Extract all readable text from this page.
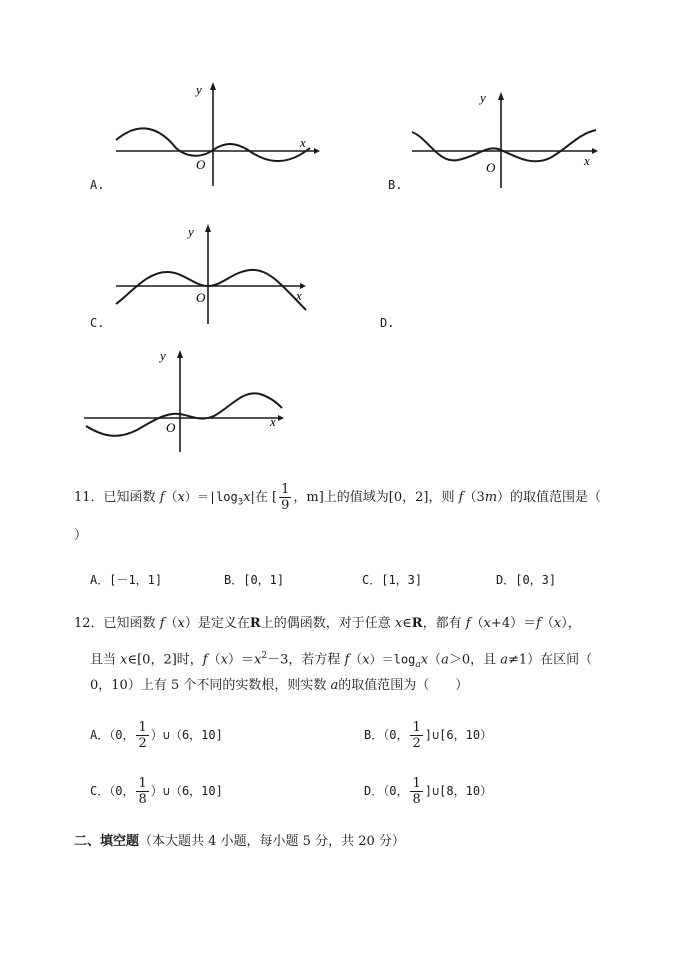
y
x
O
A.
y
x
O
B.
y
x
O
C.	D.
y
x
O
11．已知函数 $f(x)=|\log_3x|$在 [ $\frac{1}{9}$ ，m]上的值域为[0，2]，则 f（3m）的取值范围是（
）
A．[－1，1]	B．[0，1]	C．[1，3]	D．[0，3]
12．已知函数 f（x）是定义在R上的偶函数，对于任意 x∈R，都有 f（x+4）＝f（x），
且当 x∈[0，2]时，$f(x)=x^2-3$，若方程 $f(x)=\log_ax(a>0$，且 a≠1）在区间（
0，10）上有 5 个不同的实数根，则实数 a的取值范围为（　　）
A．（0， $\frac{1}{2}$ ）∪（6，10]	B．（0， $\frac{1}{2}$ ]∪[6，10）
C．（0， $\frac{1}{8}$ ）∪（6，10]	D．（0， $\frac{1}{8}$ ]∪[8，10）
二、填空题（本大题共 4 小题，每小题 5 分，共 20 分）
